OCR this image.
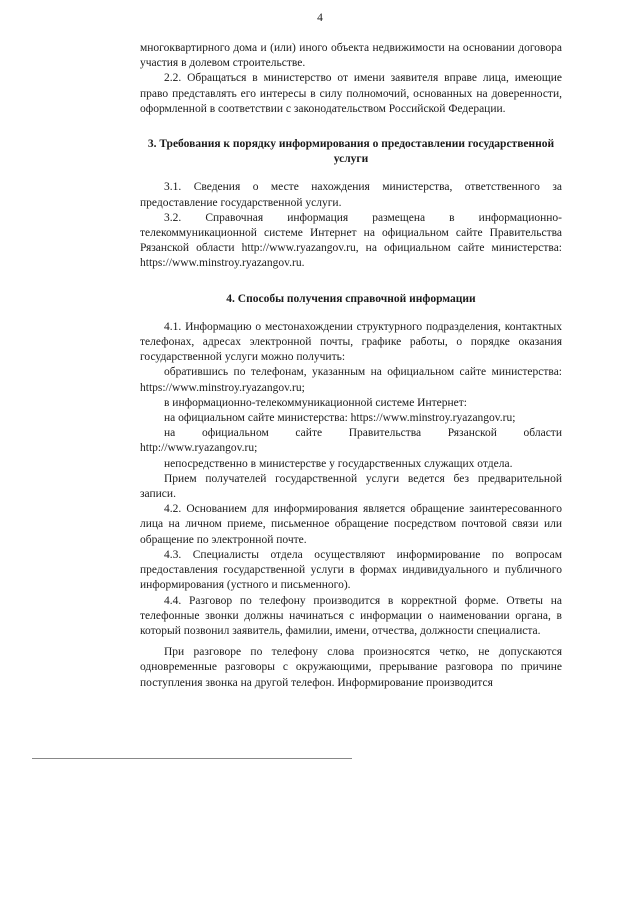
4

многоквартирного дома и (или) иного объекта недвижимости на основании договора участия в долевом строительстве.

2.2. Обращаться в министерство от имени заявителя вправе лица, имеющие право представлять его интересы в силу полномочий, основанных на доверенности, оформленной в соответствии с законодательством Российской Федерации.

3. Требования к порядку информирования о предоставлении государственной услуги

3.1. Сведения о месте нахождения министерства, ответственного за предоставление государственной услуги.

3.2. Справочная информация размещена в информационно-телекоммуникационной системе Интернет на официальном сайте Правительства Рязанской области http://www.ryazangov.ru, на официальном сайте министерства: https://www.minstroy.ryazangov.ru.

4. Способы получения справочной информации

4.1. Информацию о местонахождении структурного подразделения, контактных телефонах, адресах электронной почты, графике работы, о порядке оказания государственной услуги можно получить:

обратившись по телефонам, указанным на официальном сайте министерства: https://www.minstroy.ryazangov.ru;

в информационно-телекоммуникационной системе Интернет:

на официальном сайте министерства: https://www.minstroy.ryazangov.ru;

на официальном сайте Правительства Рязанской области http://www.ryazangov.ru;

непосредственно в министерстве у государственных служащих отдела.

Прием получателей государственной услуги ведется без предварительной записи.

4.2. Основанием для информирования является обращение заинтересованного лица на личном приеме, письменное обращение посредством почтовой связи или обращение по электронной почте.

4.3. Специалисты отдела осуществляют информирование по вопросам предоставления государственной услуги в формах индивидуального и публичного информирования (устного и письменного).

4.4. Разговор по телефону производится в корректной форме. Ответы на телефонные звонки должны начинаться с информации о наименовании органа, в который позвонил заявитель, фамилии, имени, отчества, должности специалиста.

При разговоре по телефону слова произносятся четко, не допускаются одновременные разговоры с окружающими, прерывание разговора по причине поступления звонка на другой телефон. Информирование производится
